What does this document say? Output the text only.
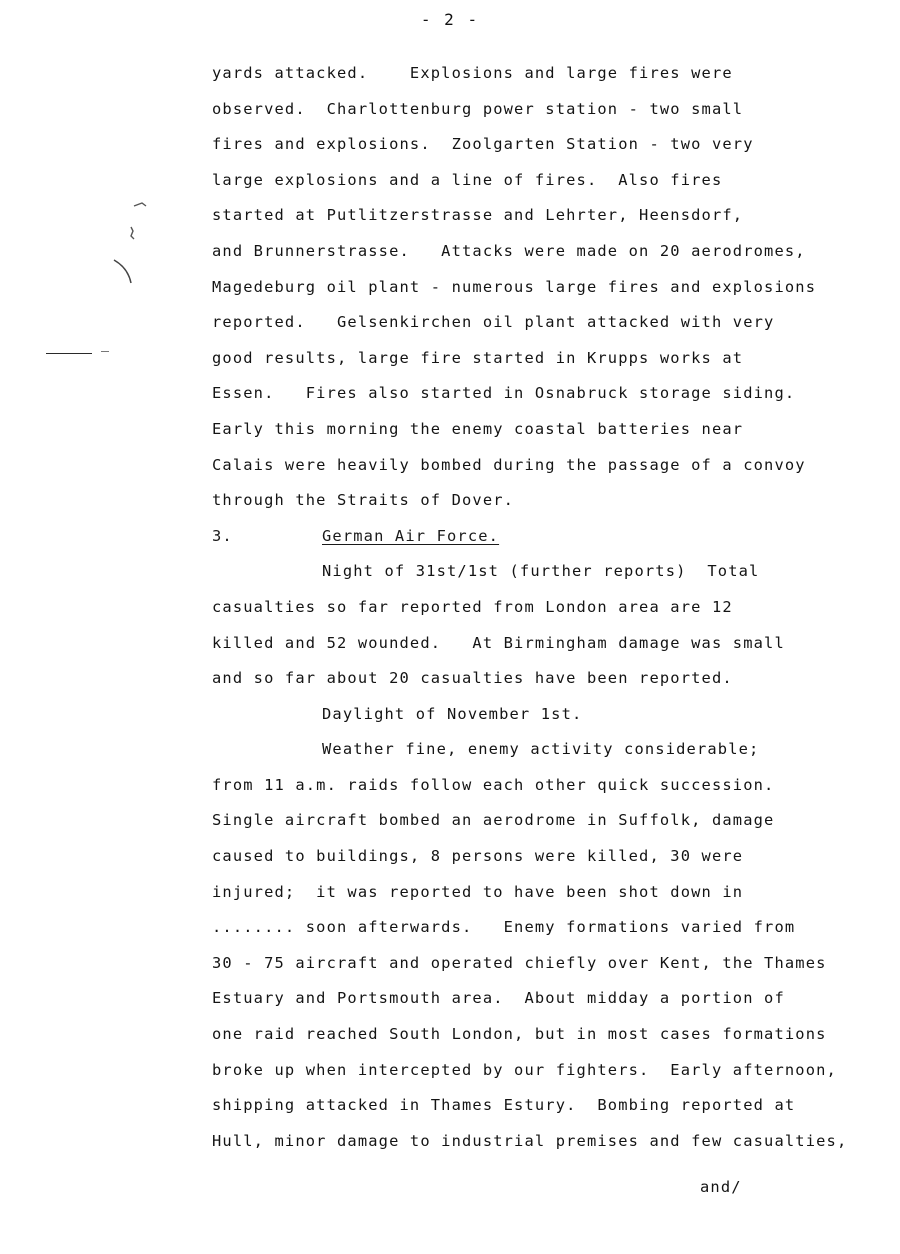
- 2 -
yards attacked.    Explosions and large fires were
observed.  Charlottenburg power station - two small
fires and explosions.  Zoolgarten Station - two very
large explosions and a line of fires.  Also fires
started at Putlitzerstrasse and Lehrter, Heensdorf,
and Brunnerstrasse.   Attacks were made on 20 aerodromes,
Magedeburg oil plant - numerous large fires and explosions
reported.   Gelsenkirchen oil plant attacked with very
good results, large fire started in Krupps works at
Essen.   Fires also started in Osnabruck storage siding.
Early this morning the enemy coastal batteries near
Calais were heavily bombed during the passage of a convoy
through the Straits of Dover.

3.

	German Air Force.

Night of 31st/1st (further reports)  Total
casualties so far reported from London area are 12
killed and 52 wounded.   At Birmingham damage was small
and so far about 20 casualties have been reported.
Daylight of November 1st.
Weather fine, enemy activity considerable;
from 11 a.m. raids follow each other quick succession.
Single aircraft bombed an aerodrome in Suffolk, damage
caused to buildings, 8 persons were killed, 30 were
injured;  it was reported to have been shot down in
........ soon afterwards.   Enemy formations varied from
30 - 75 aircraft and operated chiefly over Kent, the Thames
Estuary and Portsmouth area.  About midday a portion of
one raid reached South London, but in most cases formations
broke up when intercepted by our fighters.  Early afternoon,
shipping attacked in Thames Estury.  Bombing reported at
Hull, minor damage to industrial premises and few casualties,
and/
